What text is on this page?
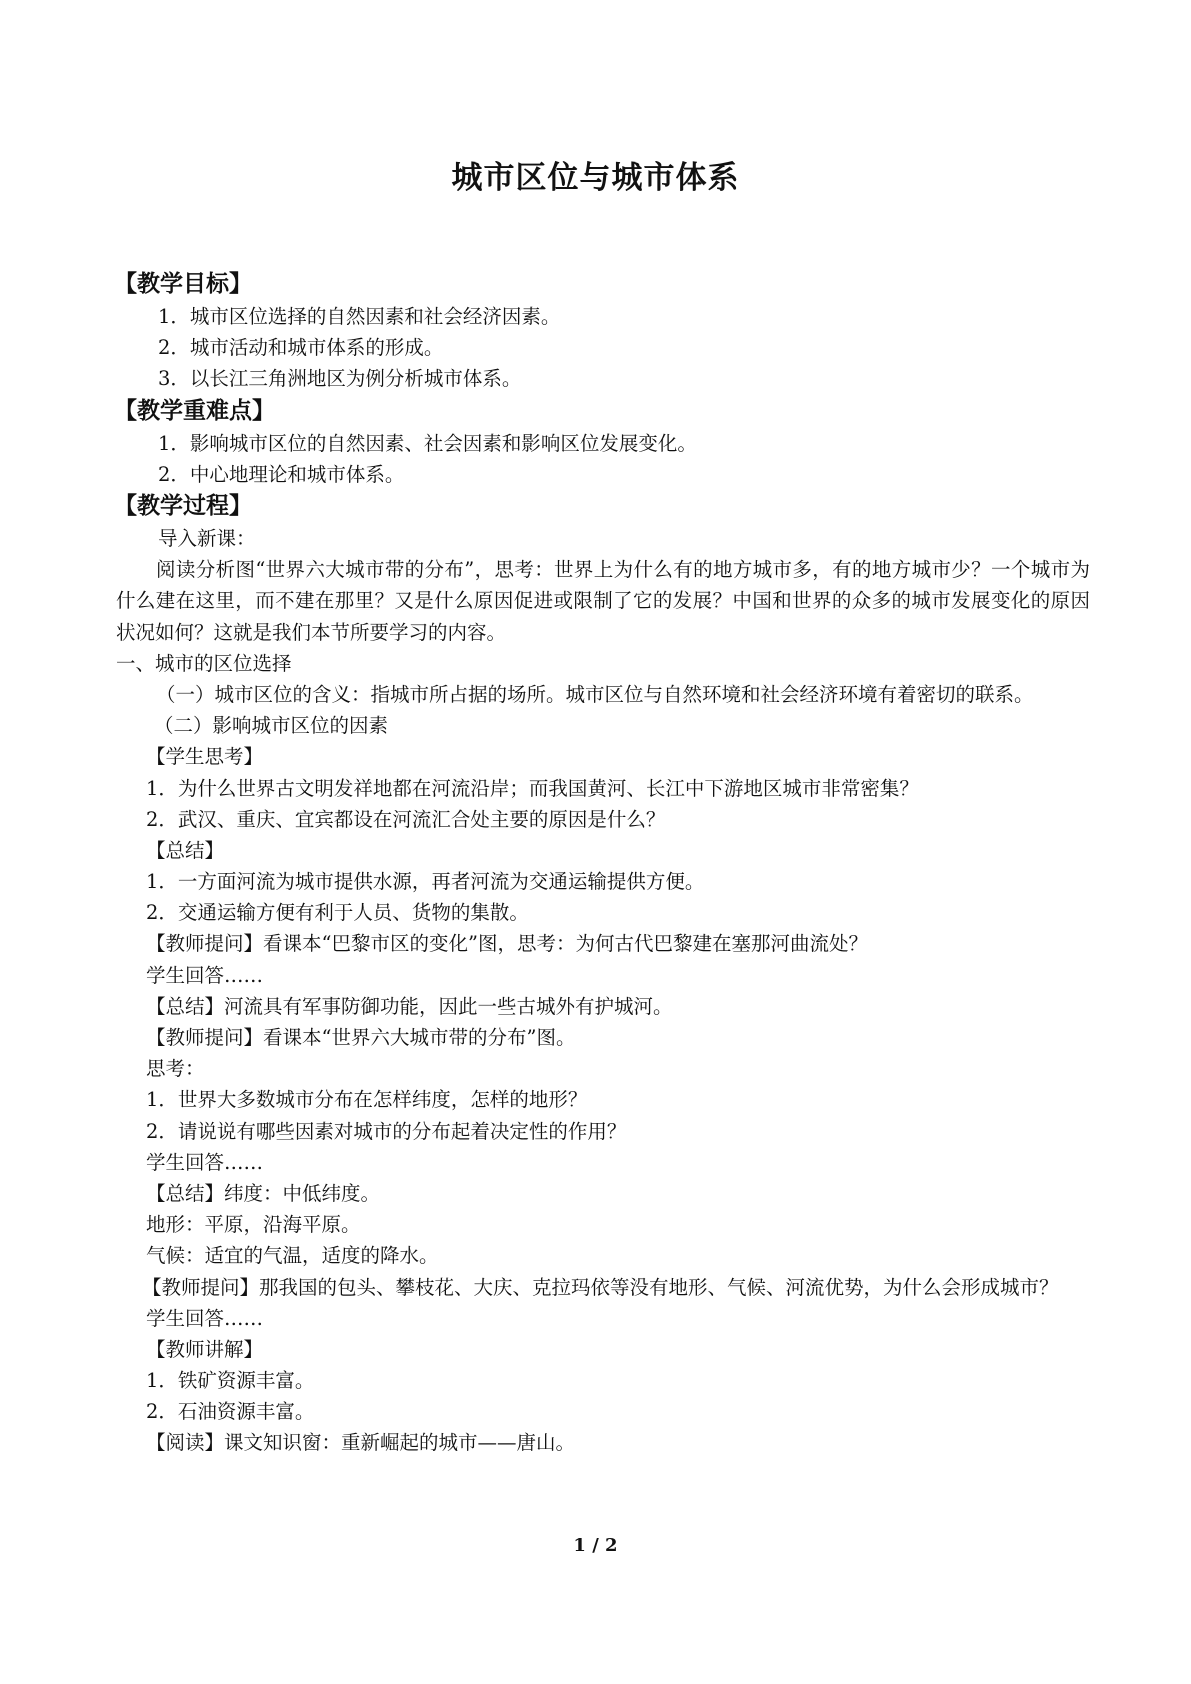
城市区位与城市体系
【教学目标】
1．城市区位选择的自然因素和社会经济因素。
2．城市活动和城市体系的形成。
3．以长江三角洲地区为例分析城市体系。
【教学重难点】
1．影响城市区位的自然因素、社会因素和影响区位发展变化。
2．中心地理论和城市体系。
【教学过程】
导入新课：

阅读分析图“世界六大城市带的分布”，思考：世界上为什么有的地方城市多，有的地方城市少？一个城市为什么建在这里，而不建在那里？又是什么原因促进或限制了它的发展？中国和世界的众多的城市发展变化的原因状况如何？这就是我们本节所要学习的内容。

一、城市的区位选择

（一）城市区位的含义：指城市所占据的场所。城市区位与自然环境和社会经济环境有着密切的联系。

（二）影响城市区位的因素
【学生思考】
1．为什么世界古文明发祥地都在河流沿岸；而我国黄河、长江中下游地区城市非常密集？
2．武汉、重庆、宜宾都设在河流汇合处主要的原因是什么？
【总结】
1．一方面河流为城市提供水源，再者河流为交通运输提供方便。
2．交通运输方便有利于人员、货物的集散。
【教师提问】看课本“巴黎市区的变化”图，思考：为何古代巴黎建在塞那河曲流处？
学生回答……
【总结】河流具有军事防御功能，因此一些古城外有护城河。
【教师提问】看课本“世界六大城市带的分布”图。
思考：
1．世界大多数城市分布在怎样纬度，怎样的地形？
2．请说说有哪些因素对城市的分布起着决定性的作用？
学生回答……
【总结】纬度：中低纬度。
地形：平原，沿海平原。
气候：适宜的气温，适度的降水。

【教师提问】那我国的包头、攀枝花、大庆、克拉玛依等没有地形、气候、河流优势，为什么会形成城市？

学生回答……
【教师讲解】
1．铁矿资源丰富。
2．石油资源丰富。
【阅读】课文知识窗：重新崛起的城市——唐山。
1 / 2
